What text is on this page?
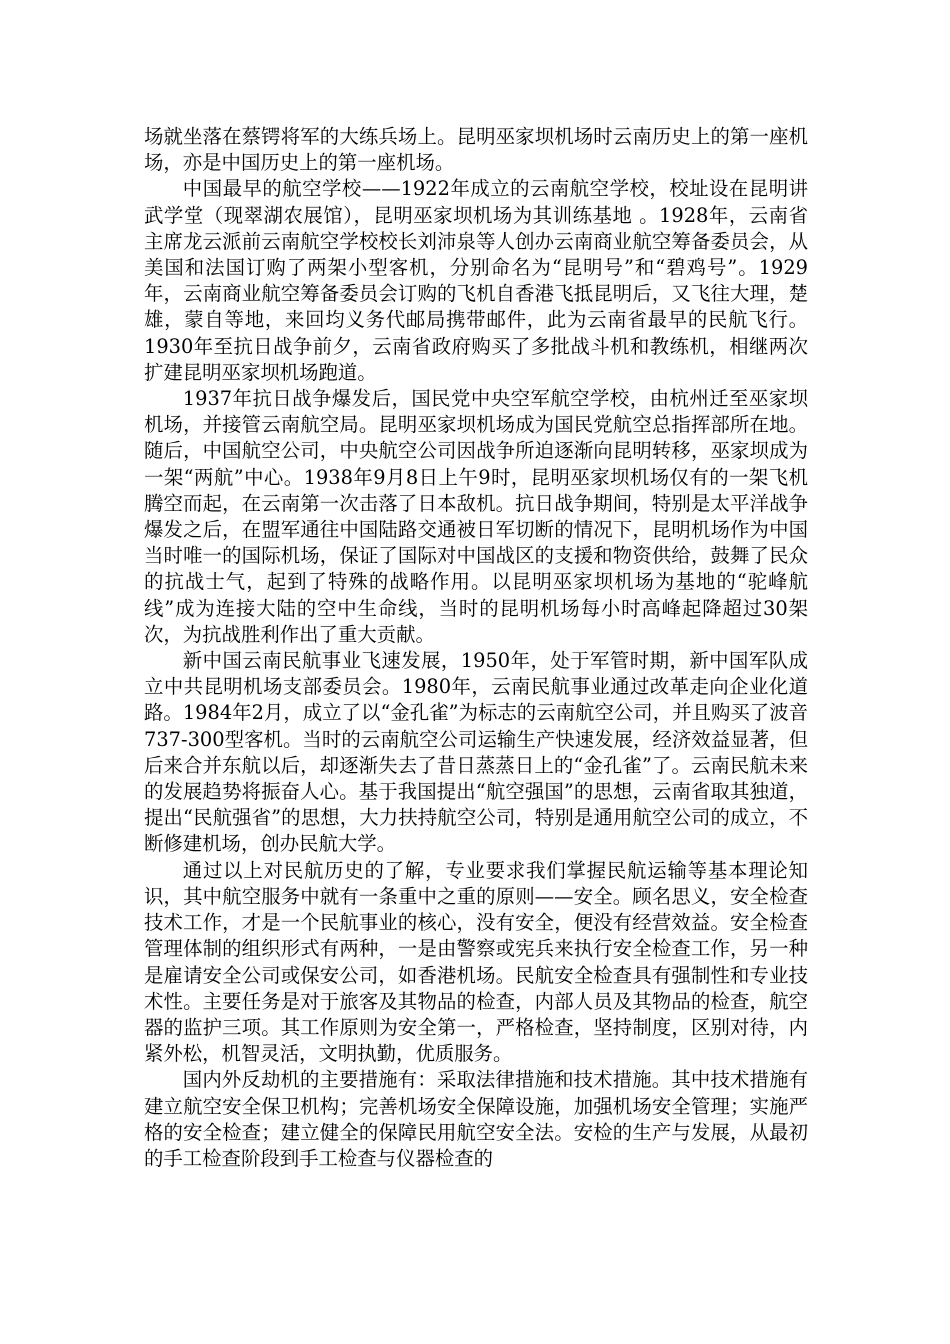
场就坐落在蔡锷将军的大练兵场上。昆明巫家坝机场时云南历史上的第一座机场，亦是中国历史上的第一座机场。

中国最早的航空学校——1922年成立的云南航空学校，校址设在昆明讲武学堂（现翠湖农展馆），昆明巫家坝机场为其训练基地 。1928年，云南省主席龙云派前云南航空学校校长刘沛泉等人创办云南商业航空筹备委员会，从美国和法国订购了两架小型客机，分别命名为“昆明号”和“碧鸡号”。1929年，云南商业航空筹备委员会订购的飞机自香港飞抵昆明后，又飞往大理，楚雄，蒙自等地，来回均义务代邮局携带邮件，此为云南省最早的民航飞行。1930年至抗日战争前夕，云南省政府购买了多批战斗机和教练机，相继两次扩建昆明巫家坝机场跑道。

1937年抗日战争爆发后，国民党中央空军航空学校，由杭州迁至巫家坝机场，并接管云南航空局。昆明巫家坝机场成为国民党航空总指挥部所在地。随后，中国航空公司，中央航空公司因战争所迫逐渐向昆明转移，巫家坝成为一架“两航”中心。1938年9月8日上午9时，昆明巫家坝机场仅有的一架飞机腾空而起，在云南第一次击落了日本敌机。抗日战争期间，特别是太平洋战争爆发之后，在盟军通往中国陆路交通被日军切断的情况下，昆明机场作为中国当时唯一的国际机场，保证了国际对中国战区的支援和物资供给，鼓舞了民众的抗战士气，起到了特殊的战略作用。以昆明巫家坝机场为基地的“驼峰航线”成为连接大陆的空中生命线，当时的昆明机场每小时高峰起降超过30架次，为抗战胜利作出了重大贡献。

新中国云南民航事业飞速发展，1950年，处于军管时期，新中国军队成立中共昆明机场支部委员会。1980年，云南民航事业通过改革走向企业化道路。1984年2月，成立了以“金孔雀”为标志的云南航空公司，并且购买了波音737-300型客机。当时的云南航空公司运输生产快速发展，经济效益显著，但后来合并东航以后，却逐渐失去了昔日蒸蒸日上的“金孔雀”了。云南民航未来的发展趋势将振奋人心。基于我国提出“航空强国”的思想，云南省取其独道，提出“民航强省”的思想，大力扶持航空公司，特别是通用航空公司的成立，不断修建机场，创办民航大学。

通过以上对民航历史的了解，专业要求我们掌握民航运输等基本理论知识，其中航空服务中就有一条重中之重的原则——安全。顾名思义，安全检查技术工作，才是一个民航事业的核心，没有安全，便没有经营效益。安全检查管理体制的组织形式有两种，一是由警察或宪兵来执行安全检查工作，另一种是雇请安全公司或保安公司，如香港机场。民航安全检查具有强制性和专业技术性。主要任务是对于旅客及其物品的检查，内部人员及其物品的检查，航空器的监护三项。其工作原则为安全第一，严格检查，坚持制度，区别对待，内紧外松，机智灵活，文明执勤，优质服务。

国内外反劫机的主要措施有：采取法律措施和技术措施。其中技术措施有建立航空安全保卫机构；完善机场安全保障设施，加强机场安全管理；实施严格的安全检查；建立健全的保障民用航空安全法。安检的生产与发展，从最初的手工检查阶段到手工检查与仪器检查的
